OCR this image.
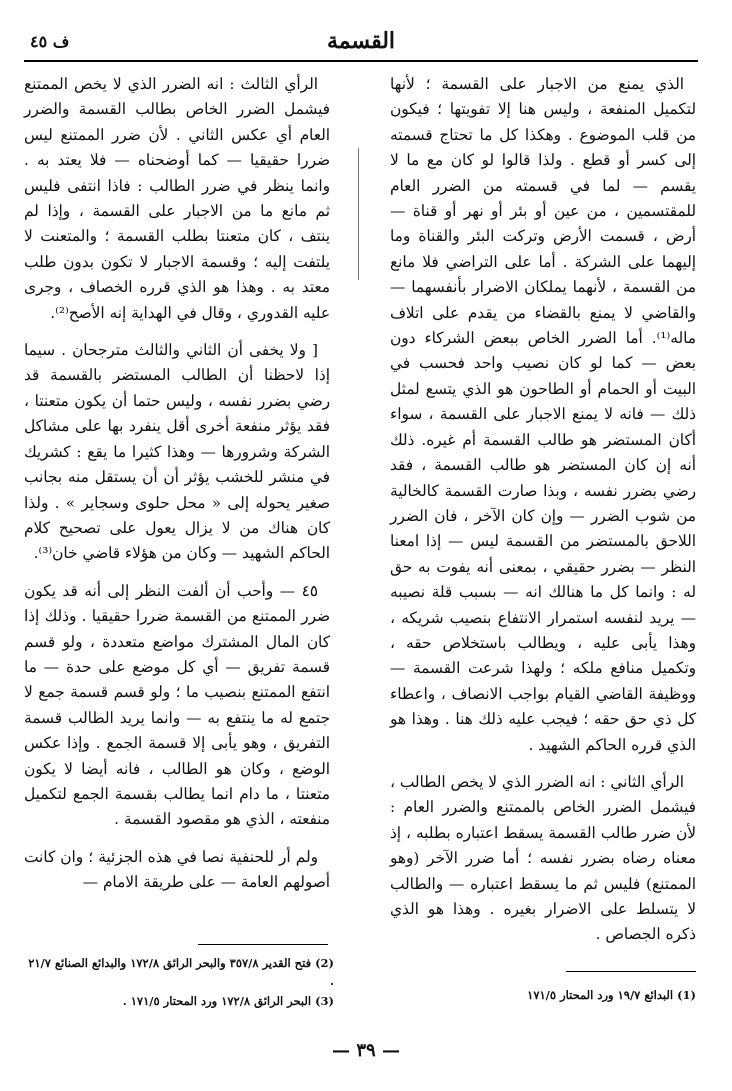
القسمة
ف ٤٥

الذي يمنع من الاجبار على القسمة ؛ لأنها لتكميل المنفعة ، وليس هنا إلا تفويتها ؛ فيكون من قلب الموضوع . وهكذا كل ما تحتاج قسمته إلى كسر أو قطع . ولذا قالوا لو كان مع ما لا يقسم — لما في قسمته من الضرر العام للمقتسمين ، من عين أو بئر أو نهر أو قناة — أرض ، قسمت الأرض وتركت البئر والقناة وما إليهما على الشركة . أما على التراضي فلا مانع من القسمة ، لأنهما يملكان الاضرار بأنفسهما — والقاضي لا يمنع بالقضاء من يقدم على اتلاف ماله⁽¹⁾. أما الضرر الخاص ببعض الشركاء دون بعض — كما لو كان نصيب واحد فحسب في البيت أو الحمام أو الطاحون هو الذي يتسع لمثل ذلك — فانه لا يمنع الاجبار على القسمة ، سواء أكان المستضر هو طالب القسمة أم غيره. ذلك أنه إن كان المستضر هو طالب القسمة ، فقد رضي بضرر نفسه ، وبذا صارت القسمة كالخالية من شوب الضرر — وإن كان الآخر ، فان الضرر اللاحق بالمستضر من القسمة ليس — إذا امعنا النظر — بضرر حقيقي ، بمعنى أنه يفوت به حق له : وانما كل ما هنالك انه — بسبب قلة نصيبه — يريد لنفسه استمرار الانتفاع بنصيب شريكه ، وهذا يأبى عليه ، ويطالب باستخلاص حقه ، وتكميل منافع ملكه ؛ ولهذا شرعت القسمة — ووظيفة القاضي القيام بواجب الانصاف ، واعطاء كل ذي حق حقه ؛ فيجب عليه ذلك هنا . وهذا هو الذي قرره الحاكم الشهيد .

الرأي الثاني : انه الضرر الذي لا يخص الطالب ، فيشمل الضرر الخاص بالممتنع والضرر العام : لأن ضرر طالب القسمة يسقط اعتباره بطلبه ، إذ معناه رضاه بضرر نفسه ؛ أما ضرر الآخر (وهو الممتنع) فليس ثم ما يسقط اعتباره — والطالب لا يتسلط على الاضرار بغيره . وهذا هو الذي ذكره الجصاص .

الرأي الثالث : انه الضرر الذي لا يخص الممتنع فيشمل الضرر الخاص بطالب القسمة والضرر العام أي عكس الثاني . لأن ضرر الممتنع ليس ضررا حقيقيا — كما أوضحناه — فلا يعتد به . وانما ينظر في ضرر الطالب : فاذا انتفى فليس ثم مانع ما من الاجبار على القسمة ، وإذا لم ينتف ، كان متعنتا بطلب القسمة ؛ والمتعنت لا يلتفت إليه ؛ وقسمة الاجبار لا تكون بدون طلب معتد به . وهذا هو الذي قرره الخصاف ، وجرى عليه القدوري ، وقال في الهداية إنه الأصح⁽²⁾.

[ ولا يخفى أن الثاني والثالث مترجحان . سيما إذا لاحظنا أن الطالب المستضر بالقسمة قد رضي بضرر نفسه ، وليس حتما أن يكون متعنتا ، فقد يؤثر منفعة أخرى أقل ينفرد بها على مشاكل الشركة وشرورها — وهذا كثيرا ما يقع : كشريك في منشر للخشب يؤثر أن أن يستقل منه بجانب صغير يحوله إلى « محل حلوى وسجاير » . ولذا كان هناك من لا يزال يعول على تصحيح كلام الحاكم الشهيد — وكان من هؤلاء قاضي خان⁽³⁾.

٤٥ — وأحب أن ألفت النظر إلى أنه قد يكون ضرر الممتنع من القسمة ضررا حقيقيا . وذلك إذا كان المال المشترك مواضع متعددة ، ولو قسم قسمة تفريق — أي كل موضع على حدة — ما انتفع الممتنع بنصيب ما ؛ ولو قسم قسمة جمع لا جتمع له ما ينتفع به — وانما يريد الطالب قسمة التفريق ، وهو يأبى إلا قسمة الجمع . وإذا عكس الوضع ، وكان هو الطالب ، فانه أيضا لا يكون متعنتا ، ما دام انما يطالب بقسمة الجمع لتكميل منفعته ، الذي هو مقصود القسمة .

ولم أر للحنفية نصا في هذه الجزئية ؛ وان كانت أصولهم العامة — على طريقة الامام —

(1) البدائع ١٩/٧ ورد المحتار ١٧١/٥
(2) فتح القدير ٣٥٧/٨ والبحر الرائق ١٧٢/٨ والبدائع الصنائع ٢١/٧ .
(3) البحر الرائق ١٧٢/٨ ورد المحتار ١٧١/٥ .
— ٣٩ —
